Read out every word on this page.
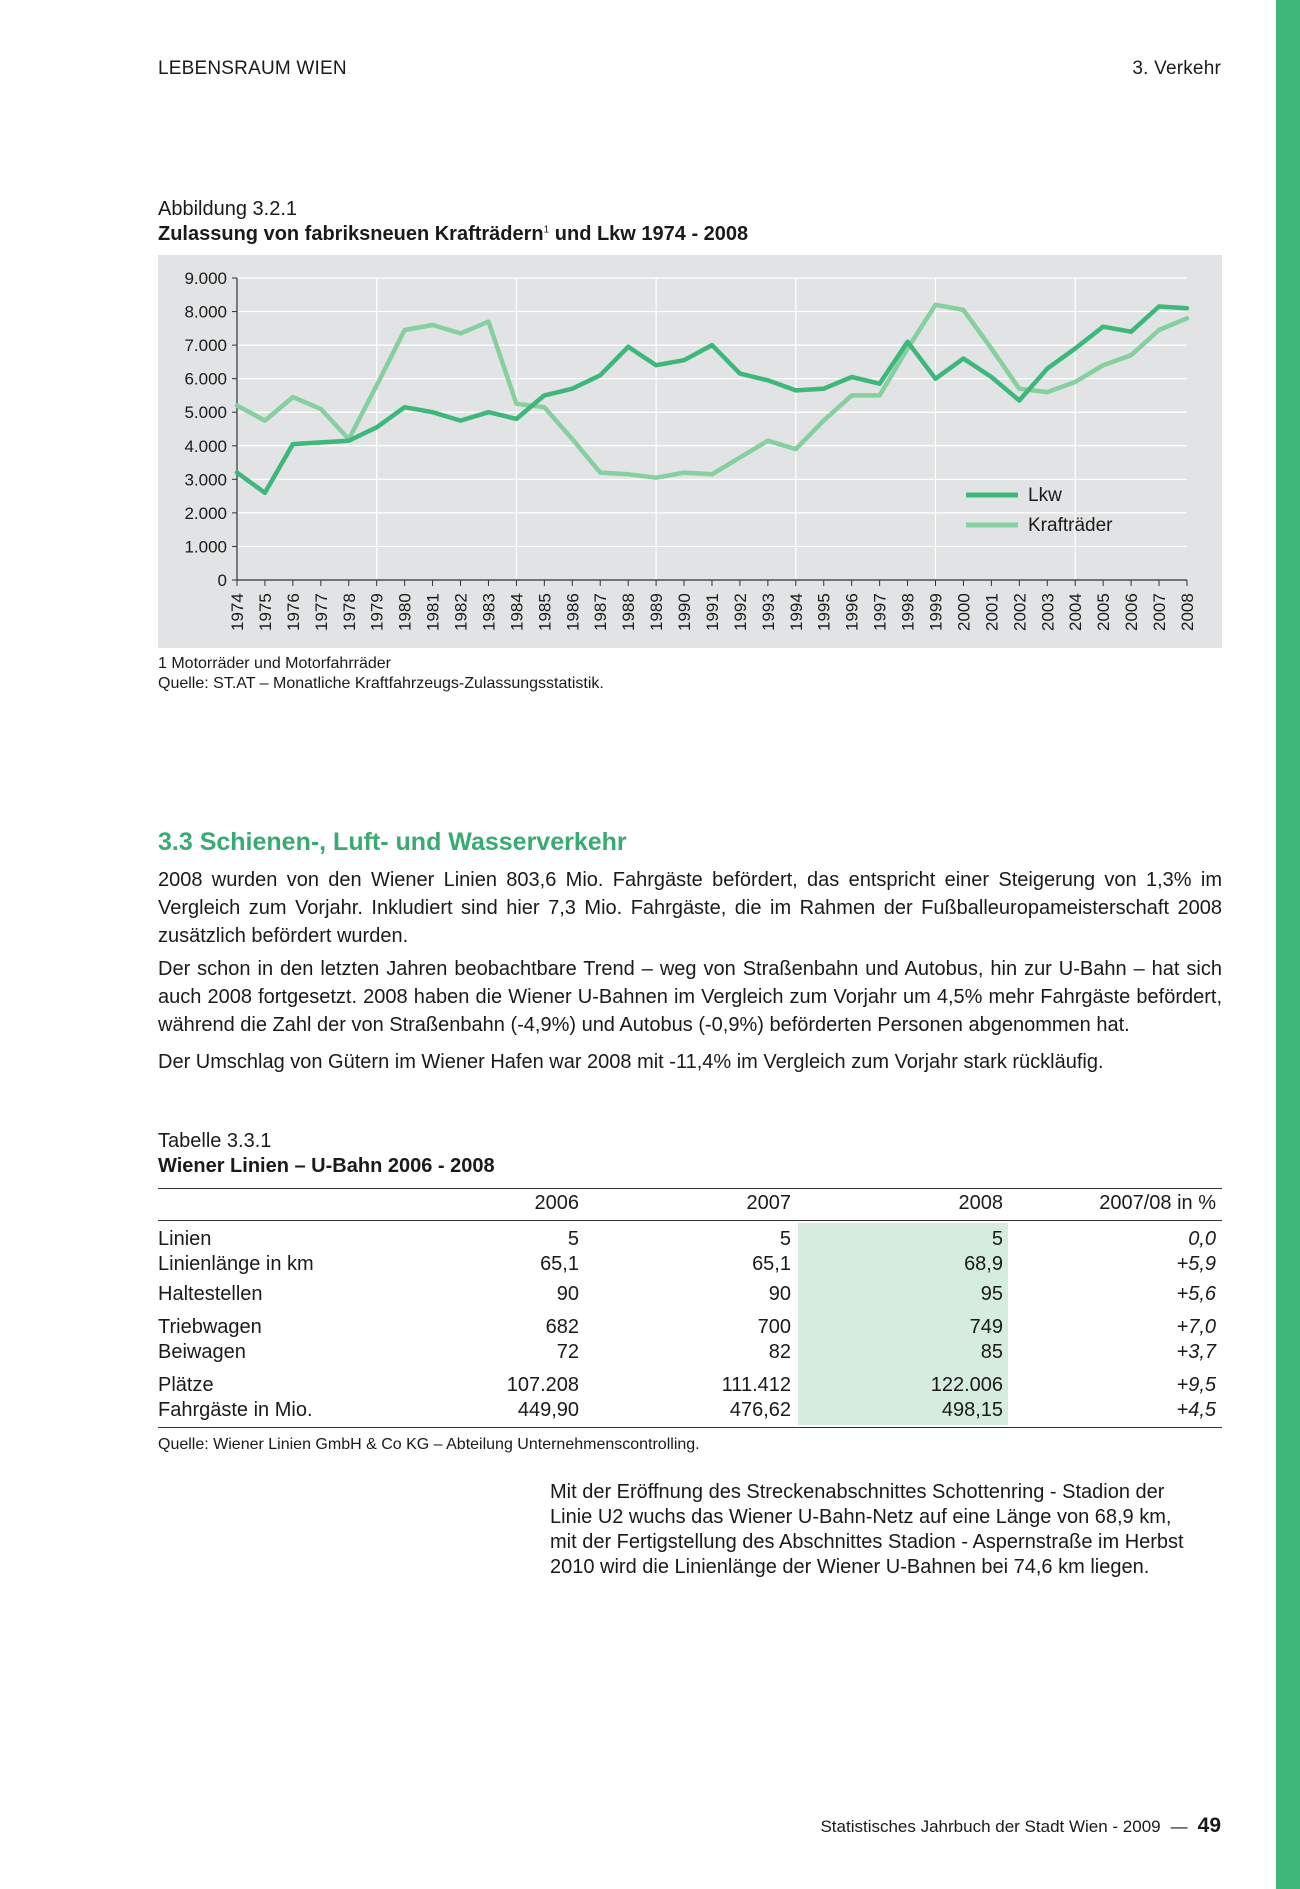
LEBENSRAUM WIEN	3. Verkehr
Abbildung 3.2.1
Zulassung von fabriksneuen Krafträdern$^1$ und Lkw 1974 - 2008
0
1.000
2.000
3.000
4.000
5.000
6.000
7.000
8.000
9.000
1974 1975 1976 1977 1978 1979 1980 1981 1982 1983 1984 1985 1986 1987 1988 1989 1990 1991 1992 1993 1994 1995 1996 1997 1998 1999 2000 2001 2002 2003 2004 2005 2006 2007 2008
Lkw
Krafträder
1 Motorräder und Motorfahrräder
Quelle: ST.AT – Monatliche Kraftfahrzeugs-Zulassungsstatistik.
3.3 Schienen-, Luft- und Wasserverkehr
2008 wurden von den Wiener Linien 803,6 Mio. Fahrgäste befördert, das entspricht einer Steigerung von 1,3% im Vergleich zum Vorjahr. Inkludiert sind hier 7,3 Mio. Fahrgäste, die im Rahmen der Fußballeuropameisterschaft 2008 zusätzlich befördert wurden.
Der schon in den letzten Jahren beobachtbare Trend – weg von Straßenbahn und Autobus, hin zur U-Bahn – hat sich auch 2008 fortgesetzt. 2008 haben die Wiener U-Bahnen im Vergleich zum Vorjahr um 4,5% mehr Fahrgäste befördert, während die Zahl der von Straßenbahn (-4,9%) und Autobus (-0,9%) beförderten Personen abgenommen hat.
Der Umschlag von Gütern im Wiener Hafen war 2008 mit -11,4% im Vergleich zum Vorjahr stark rückläufig.
Tabelle 3.3.1
Wiener Linien – U-Bahn 2006 - 2008
2006	2007	2008	2007/08 in %
Linien	5	5	5	0,0
Linienlänge in km	65,1	65,1	68,9	+5,9
Haltestellen	90	90	95	+5,6
Triebwagen	682	700	749	+7,0
Beiwagen	72	82	85	+3,7
Plätze	107.208	111.412	122.006	+9,5
Fahrgäste in Mio.	449,90	476,62	498,15	+4,5
Quelle: Wiener Linien GmbH & Co KG – Abteilung Unternehmenscontrolling.
Mit der Eröffnung des Streckenabschnittes Schottenring - Stadion der
Linie U2 wuchs das Wiener U-Bahn-Netz auf eine Länge von 68,9 km,
mit der Fertigstellung des Abschnittes Stadion - Aspernstraße im Herbst
2010 wird die Linienlänge der Wiener U-Bahnen bei 74,6 km liegen.
Statistisches Jahrbuch der Stadt Wien - 2009 — 49
